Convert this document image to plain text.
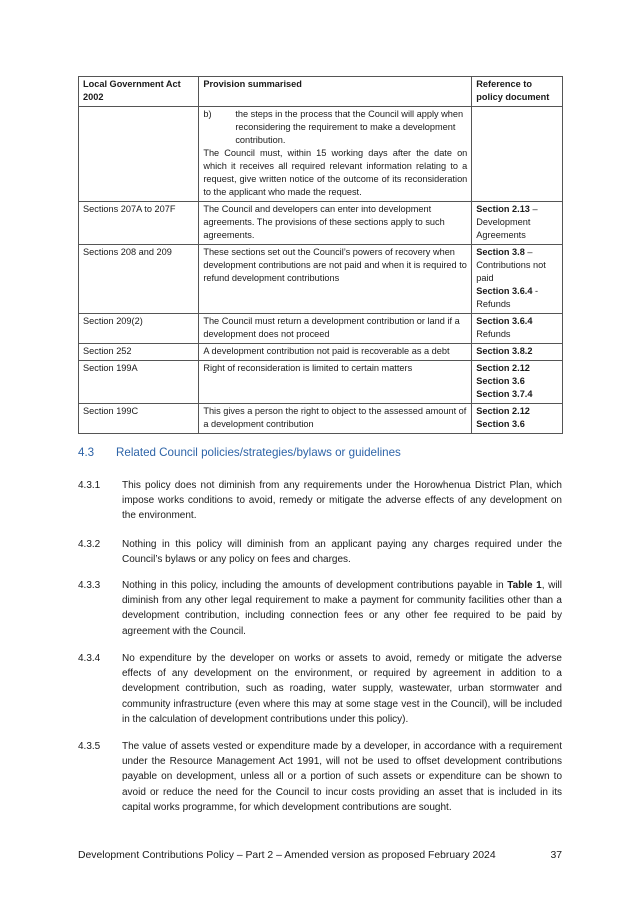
Local Government Act 2002	Provision summarised	Reference to policy document

	b) the steps in the process that the Council will apply when reconsidering the requirement to make a development contribution.
The Council must, within 15 working days after the date on which it receives all required relevant information relating to a request, give written notice of the outcome of its reconsideration to the applicant who made the request.	

Sections 207A to 207F	The Council and developers can enter into development agreements. The provisions of these sections apply to such agreements.	Section 2.13 – Development Agreements
Sections 208 and 209	These sections set out the Council’s powers of recovery when development contributions are not paid and when it is required to refund development contributions	Section 3.8 – Contributions not paid
Section 3.6.4 - Refunds

Section 209(2)	The Council must return a development contribution or land if a development does not proceed	Section 3.6.4
Refunds

Section 252	A development contribution not paid is recoverable as a debt	Section 3.8.2
Section 199A	Right of reconsideration is limited to certain matters	Section 2.12
Section 3.6
Section 3.7.4

Section 199C	This gives a person the right to object to the assessed amount of a development contribution	Section 2.12
Section 3.6
4.3	Related Council policies/strategies/bylaws or guidelines
4.3.1	This policy does not diminish from any requirements under the Horowhenua District Plan, which impose works conditions to avoid, remedy or mitigate the adverse effects of any development on the environment.
4.3.2	Nothing in this policy will diminish from an applicant paying any charges required under the Council’s bylaws or any policy on fees and charges.
4.3.3	Nothing in this policy, including the amounts of development contributions payable in Table 1, will diminish from any other legal requirement to make a payment for community facilities other than a development contribution, including connection fees or any other fee required to be paid by agreement with the Council.
4.3.4	No expenditure by the developer on works or assets to avoid, remedy or mitigate the adverse effects of any development on the environment, or required by agreement in addition to a development contribution, such as roading, water supply, wastewater, urban stormwater and community infrastructure (even where this may at some stage vest in the Council), will be included in the calculation of development contributions under this policy).
4.3.5	The value of assets vested or expenditure made by a developer, in accordance with a requirement under the Resource Management Act 1991, will not be used to offset development contributions payable on development, unless all or a portion of such assets or expenditure can be shown to avoid or reduce the need for the Council to incur costs providing an asset that is included in its capital works programme, for which development contributions are sought.
Development Contributions Policy – Part 2 – Amended version as proposed February 2024	37
